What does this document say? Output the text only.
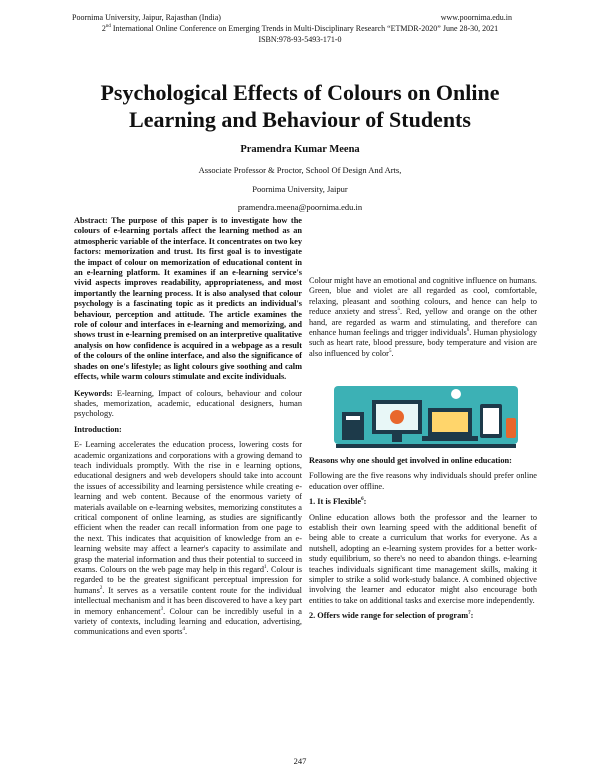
Poornima University, Jaipur, Rajasthan (India)	www.poornima.edu.in
2nd International Online Conference on Emerging Trends in Multi-Disciplinary Research “ETMDR-2020” June 28-30, 2021
ISBN:978-93-5493-171-0
Psychological Effects of Colours on Online Learning and Behaviour of Students
Pramendra Kumar Meena
Associate Professor & Proctor, School Of Design And Arts,
Poornima University, Jaipur
pramendra.meena@poornima.edu.in

Abstract: The purpose of this paper is to investigate how the colours of e-learning portals affect the learning method as an atmospheric variable of the interface. It concentrates on two key factors: memorization and trust. Its first goal is to investigate the impact of colour on memorization of educational content in an e-learning platform. It examines if an e-learning service's vivid aspects improves readability, appropriateness, and most importantly the learning process. It is also analysed that colour psychology is a fascinating topic as it predicts an individual's behaviour, perception and attitude. The article examines the role of colour and interfaces in e-learning and memorizing, and shows trust in e-learning premised on an interpretive qualitative analysis on how confidence is acquired in a webpage as a result of the colours of the online interface, and also the significance of shades on one's lifestyle; as light colours give soothing and calm effects, while warm colours stimulate and excite individuals.

Keywords: E-learning, Impact of colours, behaviour and colour shades, memorization, academic, educational designers, human psychology.

Introduction:

E- Learning accelerates the education process, lowering costs for academic organizations and corporations with a growing demand to teach individuals promptly. With the rise in e learning options, educational designers and web developers should take into account the issues of accessibility and learning persistence while creating e-learning and web content. Because of the enormous variety of materials available on e-learning websites, memorizing constitutes a critical component of online learning, as studies are significantly efficient when the reader can recall information from one page to the next. This indicates that acquisition of knowledge from an e-learning website may affect a learner's capacity to assimilate and grasp the material information and thus their potential to succeed in exams. Colours on the web page may help in this regard$^1$. Colour is regarded to be the greatest significant perceptual impression for humans$^2$. It serves as a versatile content route for the individual intellectual mechanism and it has been discovered to have a key part in memory enhancement$^3$. Colour can be incredibly useful in a variety of contexts, including learning and education, advertising, communications and even sports$^4$.

Reasons why one should get involved in online education:

Following are the five reasons why individuals should prefer online education over offline.

1. It is Flexible$^6$:

Online education allows both the professor and the learner to establish their own learning speed with the additional benefit of being able to create a curriculum that works for everyone. As a nutshell, adopting an e-learning system provides for a better work-study equilibrium, so there's no need to abandon things. e-learning teaches individuals significant time management skills, making it simpler to strike a solid work-study balance. A combined objective involving the learner and educator might also encourage both entities to take on additional tasks and exercise more independently.

2. Offers wide range for selection of program$^7$:

Colour might have an emotional and cognitive influence on humans. Green, blue and violet are all regarded as cool, comfortable, relaxing, pleasant and soothing colours, and hence can help to reduce anxiety and stress$^5$. Red, yellow and orange on the other hand, are regarded as warm and stimulating, and therefore can enhance human feelings and trigger individuals$^6$. Human physiology such as heart rate, blood pressure, body temperature and vision are also influenced by color$^5$.

247
